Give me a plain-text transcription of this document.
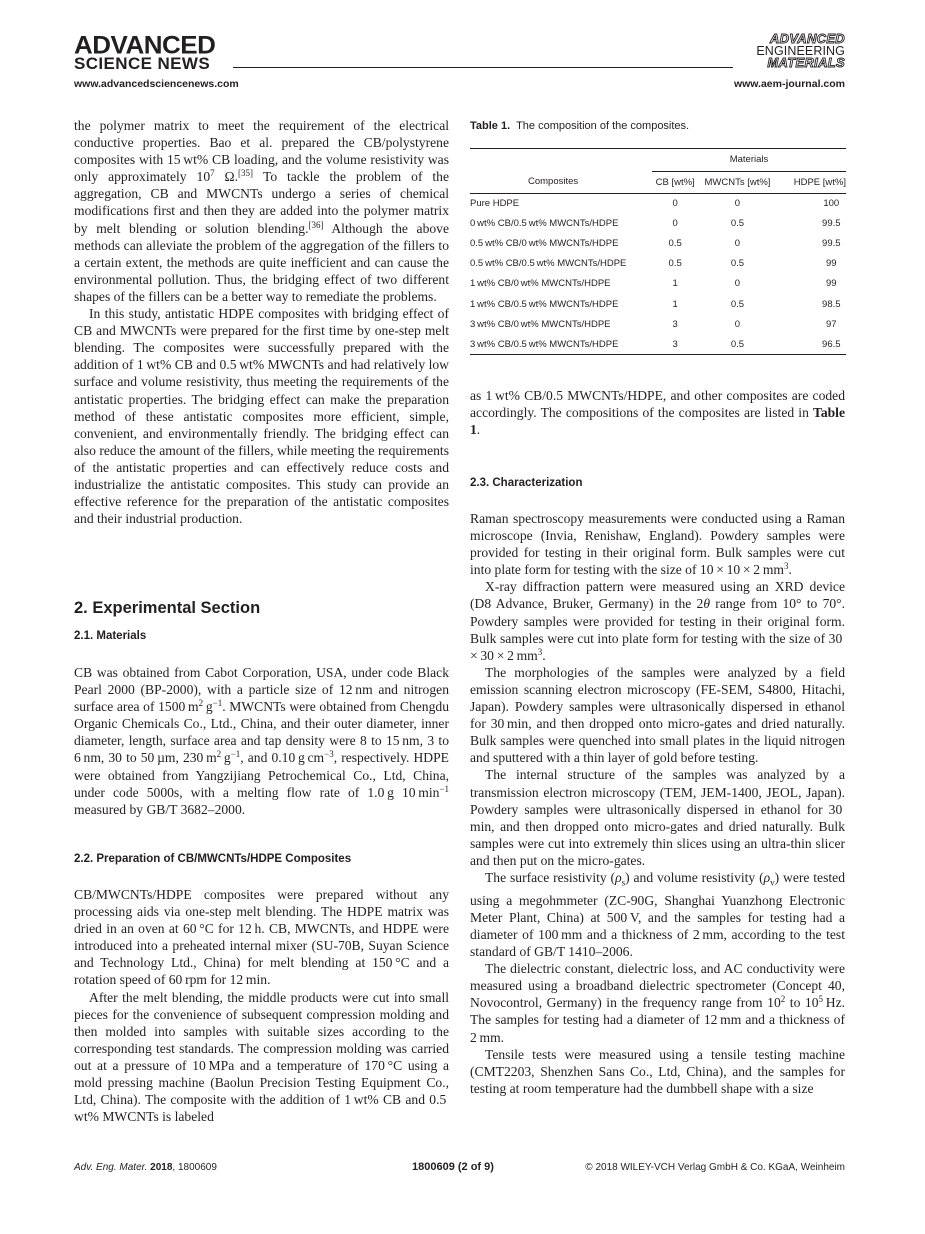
ADVANCED
SCIENCE NEWS
ADVANCED
ENGINEERING
MATERIALS
www.advancedsciencenews.com	www.aem-journal.com

the polymer matrix to meet the requirement of the electrical conductive properties. Bao et al. prepared the CB/polystyrene composites with 15 wt% CB loading, and the volume resistivity was only approximately $10^7$ Ω.[35] To tackle the problem of the aggregation, CB and MWCNTs undergo a series of chemical modifications first and then they are added into the polymer matrix by melt blending or solution blending.[36] Although the above methods can alleviate the problem of the aggregation of the fillers to a certain extent, the methods are quite inefficient and can cause the environmental pollution. Thus, the bridging effect of two different shapes of the fillers can be a better way to remediate the problems.

In this study, antistatic HDPE composites with bridging effect of CB and MWCNTs were prepared for the first time by one-step melt blending. The composites were successfully prepared with the addition of 1 wt% CB and 0.5 wt% MWCNTs and had relatively low surface and volume resistivity, thus meeting the requirements of the antistatic properties. The bridging effect can make the preparation method of these antistatic composites more efficient, simple, convenient, and environmentally friendly. The bridging effect can also reduce the amount of the fillers, while meeting the requirements of the antistatic properties and can effectively reduce costs and industrialize the antistatic composites. This study can provide an effective reference for the preparation of the antistatic composites and their industrial production.

2. Experimental Section
2.1. Materials

CB was obtained from Cabot Corporation, USA, under code Black Pearl 2000 (BP-2000), with a particle size of 12 nm and nitrogen surface area of 1500 $m^2$ $g^{-1}$. MWCNTs were obtained from Chengdu Organic Chemicals Co., Ltd., China, and their outer diameter, inner diameter, length, surface area and tap density were 8 to 15 nm, 3 to 6 nm, 30 to 50 µm, 230 $m^2$ $g^{-1}$, and 0.10 g $cm^{-3}$, respectively. HDPE were obtained from Yangzijiang Petrochemical Co., Ltd, China, under code 5000s, with a melting flow rate of 1.0 g 10 $\min^{-1}$ measured by GB/T 3682–2000.

2.2. Preparation of CB/MWCNTs/HDPE Composites

CB/MWCNTs/HDPE composites were prepared without any processing aids via one-step melt blending. The HDPE matrix was dried in an oven at 60 °C for 12 h. CB, MWCNTs, and HDPE were introduced into a preheated internal mixer (SU-70B, Suyan Science and Technology Ltd., China) for melt blending at 150 °C and a rotation speed of 60 rpm for 12 min.

After the melt blending, the middle products were cut into small pieces for the convenience of subsequent compression molding and then molded into samples with suitable sizes according to the corresponding test standards. The compression molding was carried out at a pressure of 10 MPa and a temperature of 170 °C using a mold pressing machine (Baolun Precision Testing Equipment Co., Ltd, China). The composite with the addition of 1 wt% CB and 0.5 wt% MWCNTs is labeled

Table 1. The composition of the composites.

	Materials		
Composites	CB [wt%]	MWCNTs [wt%]	HDPE [wt%]
Pure HDPE	0	0	100
0 wt% CB/0.5 wt% MWCNTs/HDPE	0	0.5	99.5
0.5 wt% CB/0 wt% MWCNTs/HDPE	0.5	0	99.5
0.5 wt% CB/0.5 wt% MWCNTs/HDPE	0.5	0.5	99
1 wt% CB/0 wt% MWCNTs/HDPE	1	0	99
1 wt% CB/0.5 wt% MWCNTs/HDPE	1	0.5	98.5
3 wt% CB/0 wt% MWCNTs/HDPE	3	0	97
3 wt% CB/0.5 wt% MWCNTs/HDPE	3	0.5	96.5

as 1 wt% CB/0.5 MWCNTs/HDPE, and other composites are coded accordingly. The compositions of the composites are listed in Table 1.

2.3. Characterization

Raman spectroscopy measurements were conducted using a Raman microscope (Invia, Renishaw, England). Powdery samples were provided for testing in their original form. Bulk samples were cut into plate form for testing with the size of 10 × 10 × 2 $mm^3$.

X-ray diffraction pattern were measured using an XRD device (D8 Advance, Bruker, Germany) in the 2θ range from 10° to 70°. Powdery samples were provided for testing in their original form. Bulk samples were cut into plate form for testing with the size of 30 × 30 × 2 $mm^3$.

The morphologies of the samples were analyzed by a field emission scanning electron microscopy (FE-SEM, S4800, Hitachi, Japan). Powdery samples were ultrasonically dispersed in ethanol for 30 min, and then dropped onto micro-gates and dried naturally. Bulk samples were quenched into small plates in the liquid nitrogen and sputtered with a thin layer of gold before testing.

The internal structure of the samples was analyzed by a transmission electron microscopy (TEM, JEM-1400, JEOL, Japan). Powdery samples were ultrasonically dispersed in ethanol for 30 min, and then dropped onto micro-gates and dried naturally. Bulk samples were cut into extremely thin slices using an ultra-thin slicer and then put on the micro-gates.

The surface resistivity $(\rho_s)$ and volume resistivity $(\rho_v)$ were tested using a megohmmeter (ZC-90G, Shanghai Yuanzhong Electronic Meter Plant, China) at 500 V, and the samples for testing had a diameter of 100 mm and a thickness of 2 mm, according to the test standard of GB/T 1410–2006.

The dielectric constant, dielectric loss, and AC conductivity were measured using a broadband dielectric spectrometer (Concept 40, Novocontrol, Germany) in the frequency range from $10^2$ to $10^5$ Hz. The samples for testing had a diameter of 12 mm and a thickness of 2 mm.

Tensile tests were measured using a tensile testing machine (CMT2203, Shenzhen Sans Co., Ltd, China), and the samples for testing at room temperature had the dumbbell shape with a size

Adv. Eng. Mater. 2018, 1800609	1800609 (2 of 9)	© 2018 WILEY-VCH Verlag GmbH & Co. KGaA, Weinheim
